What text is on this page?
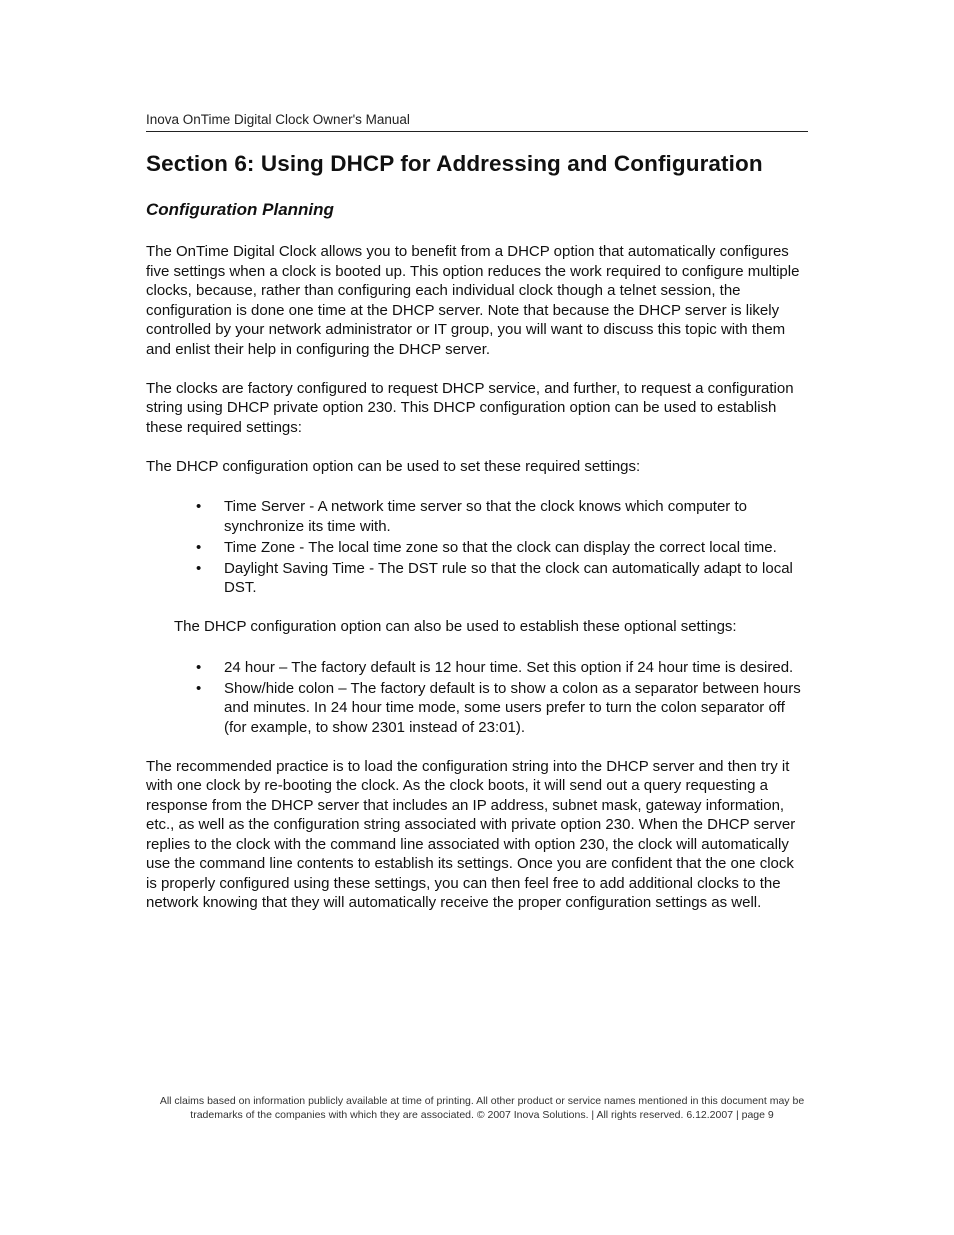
Inova OnTime Digital Clock Owner's Manual
Section 6: Using DHCP for Addressing and Configuration
Configuration Planning

The OnTime Digital Clock allows you to benefit from a DHCP option that automatically configures five settings when a clock is booted up. This option reduces the work required to configure multiple clocks, because, rather than configuring each individual clock though a telnet session, the configuration is done one time at the DHCP server. Note that because the DHCP server is likely controlled by your network administrator or IT group, you will want to discuss this topic with them and enlist their help in configuring the DHCP server.

The clocks are factory configured to request DHCP service, and further, to request a configuration string using DHCP private option 230. This DHCP configuration option can be used to establish these required settings:

The DHCP configuration option can be used to set these required settings:

• Time Server - A network time server so that the clock knows which computer to synchronize its time with.
• Time Zone - The local time zone so that the clock can display the correct local time.
• Daylight Saving Time - The DST rule so that the clock can automatically adapt to local DST.

The DHCP configuration option can also be used to establish these optional settings:

• 24 hour – The factory default is 12 hour time. Set this option if 24 hour time is desired.
• Show/hide colon – The factory default is to show a colon as a separator between hours and minutes. In 24 hour time mode, some users prefer to turn the colon separator off (for example, to show 2301 instead of 23:01).

The recommended practice is to load the configuration string into the DHCP server and then try it with one clock by re-booting the clock. As the clock boots, it will send out a query requesting a response from the DHCP server that includes an IP address, subnet mask, gateway information, etc., as well as the configuration string associated with private option 230. When the DHCP server replies to the clock with the command line associated with option 230, the clock will automatically use the command line contents to establish its settings. Once you are confident that the one clock is properly configured using these settings, you can then feel free to add additional clocks to the network knowing that they will automatically receive the proper configuration settings as well.

All claims based on information publicly available at time of printing. All other product or service names mentioned in this document may be
trademarks of the companies with which they are associated. © 2007 Inova Solutions. | All rights reserved. 6.12.2007 | page 9
